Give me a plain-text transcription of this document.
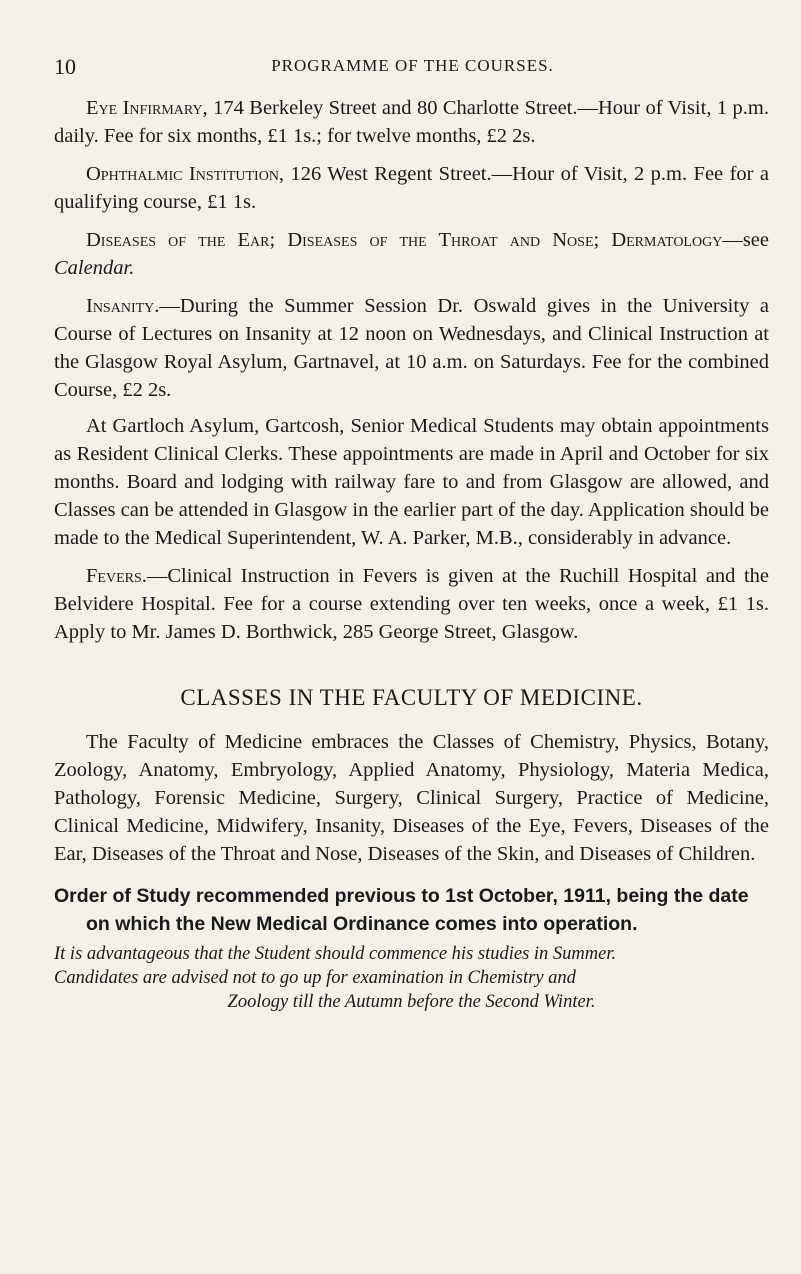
10	PROGRAMME OF THE COURSES.

Eye Infirmary, 174 Berkeley Street and 80 Charlotte Street.—Hour of Visit, 1 p.m. daily. Fee for six months, £1 1s.; for twelve months, £2 2s.

Ophthalmic Institution, 126 West Regent Street.—Hour of Visit, 2 p.m. Fee for a qualifying course, £1 1s.

Diseases of the Ear; Diseases of the Throat and Nose; Dermatology—see Calendar.

Insanity.—During the Summer Session Dr. Oswald gives in the University a Course of Lectures on Insanity at 12 noon on Wednesdays, and Clinical Instruction at the Glasgow Royal Asylum, Gartnavel, at 10 a.m. on Saturdays. Fee for the combined Course, £2 2s.

At Gartloch Asylum, Gartcosh, Senior Medical Students may obtain appointments as Resident Clinical Clerks. These appointments are made in April and October for six months. Board and lodging with railway fare to and from Glasgow are allowed, and Classes can be attended in Glasgow in the earlier part of the day. Application should be made to the Medical Superintendent, W. A. Parker, M.B., considerably in advance.

Fevers.—Clinical Instruction in Fevers is given at the Ruchill Hospital and the Belvidere Hospital. Fee for a course extending over ten weeks, once a week, £1 1s. Apply to Mr. James D. Borthwick, 285 George Street, Glasgow.

CLASSES IN THE FACULTY OF MEDICINE.

The Faculty of Medicine embraces the Classes of Chemistry, Physics, Botany, Zoology, Anatomy, Embryology, Applied Anatomy, Physiology, Materia Medica, Pathology, Forensic Medicine, Surgery, Clinical Surgery, Practice of Medicine, Clinical Medicine, Midwifery, Insanity, Diseases of the Eye, Fevers, Diseases of the Ear, Diseases of the Throat and Nose, Diseases of the Skin, and Diseases of Children.

Order of Study recommended previous to 1st October, 1911, being the date on which the New Medical Ordinance comes into operation.
It is advantageous that the Student should commence his studies in Summer.
Candidates are advised not to go up for examination in Chemistry and
Zoology till the Autumn before the Second Winter.
